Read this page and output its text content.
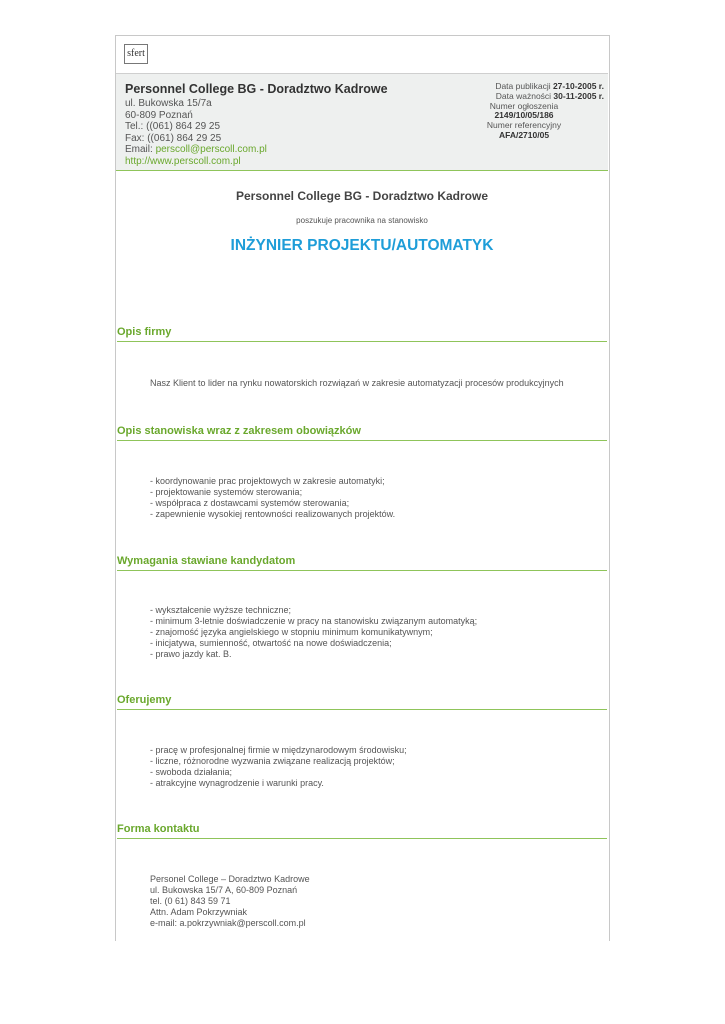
sfert
Personnel College BG - Doradztwo Kadrowe
ul. Bukowska 15/7a
60-809 Poznań
Tel.: ((061) 864 29 25
Fax: ((061) 864 29 25
Email: perscoll@perscoll.com.pl
http://www.perscoll.com.pl
Data publikacji 27-10-2005 r.
Data ważności 30-11-2005 r.
Numer ogłoszenia
2149/10/05/186
Numer referencyjny
AFA/2710/05
Personnel College BG - Doradztwo Kadrowe
poszukuje pracownika na stanowisko
INŻYNIER PROJEKTU/AUTOMATYK
Opis firmy
Nasz Klient to lider na rynku nowatorskich rozwiązań w zakresie automatyzacji procesów produkcyjnych
Opis stanowiska wraz z zakresem obowiązków
- koordynowanie prac projektowych w zakresie automatyki;
- projektowanie systemów sterowania;
- współpraca z dostawcami systemów sterowania;
- zapewnienie wysokiej rentowności realizowanych projektów.
Wymagania stawiane kandydatom
- wykształcenie wyższe techniczne;
- minimum 3-letnie doświadczenie w pracy na stanowisku związanym automatyką;
- znajomość języka angielskiego w stopniu minimum komunikatywnym;
- inicjatywa, sumienność, otwartość na nowe doświadczenia;
- prawo jazdy kat. B.
Oferujemy
- pracę w profesjonalnej firmie w międzynarodowym środowisku;
- liczne, różnorodne wyzwania związane realizacją projektów;
- swoboda działania;
- atrakcyjne wynagrodzenie i warunki pracy.
Forma kontaktu
Personel College – Doradztwo Kadrowe
ul. Bukowska 15/7 A, 60-809 Poznań
tel. (0 61) 843 59 71
Attn. Adam Pokrzywniak
e-mail: a.pokrzywniak@perscoll.com.pl
